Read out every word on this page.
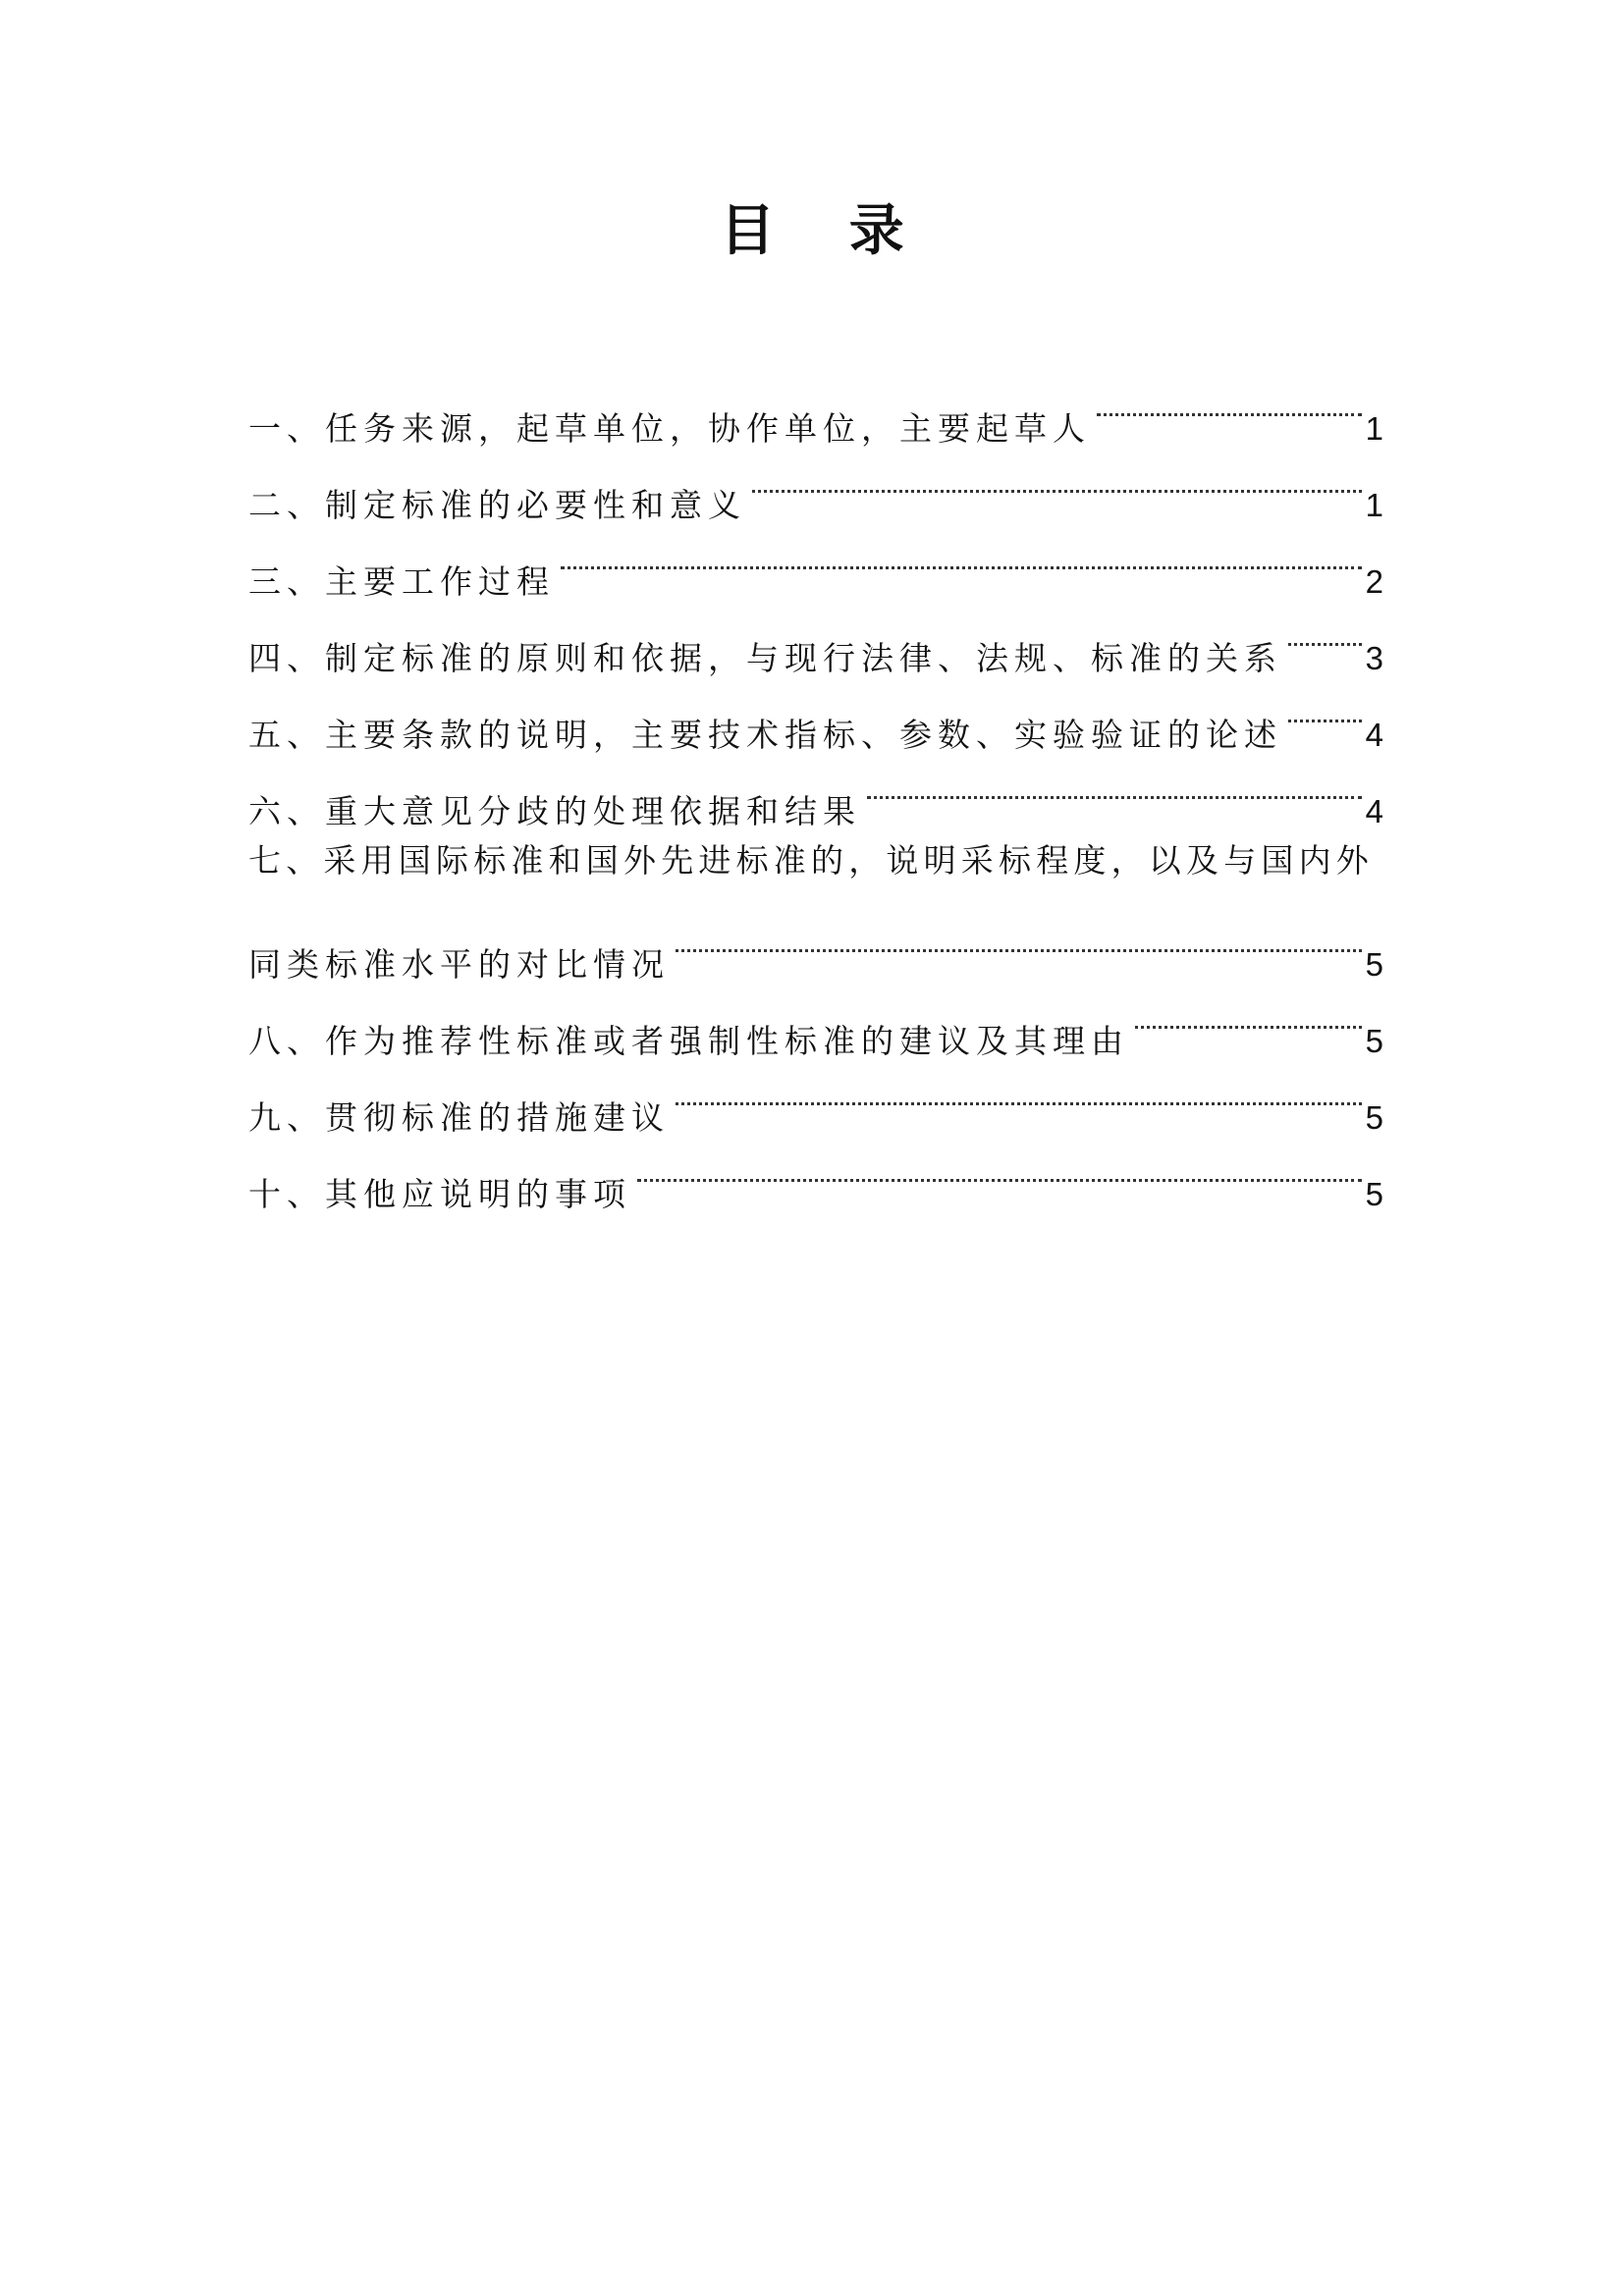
目 录
一、任务来源，起草单位，协作单位，主要起草人	1
二、制定标准的必要性和意义	1
三、主要工作过程	2
四、制定标准的原则和依据，与现行法律、法规、标准的关系	3
五、主要条款的说明，主要技术指标、参数、实验验证的论述	4
六、重大意见分歧的处理依据和结果	4
七、采用国际标准和国外先进标准的，说明采标程度，以及与国内外
同类标准水平的对比情况	5
八、作为推荐性标准或者强制性标准的建议及其理由	5
九、贯彻标准的措施建议	5
十、其他应说明的事项	5
